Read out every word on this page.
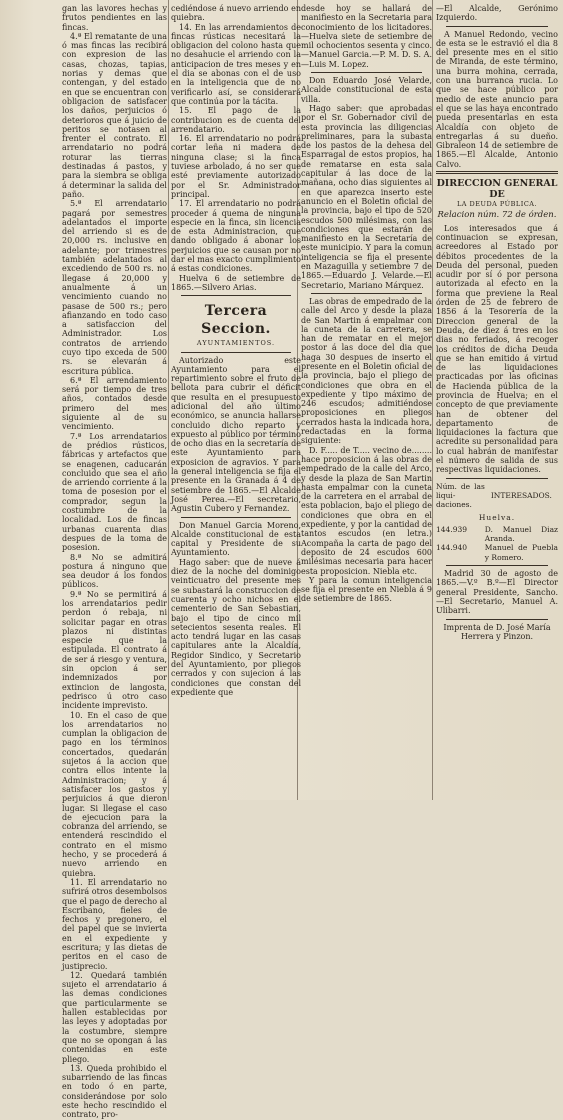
gan las lavores hechas y frutos pendientes en las fincas.

4.ª El rematante de una ó mas fincas las recibirá con expresion de las casas, chozas, tapias, norias y demas que contengan, y del estado en que se encuentran con obligacion de satisfacer los daños, perjuicios ó deterioros que á juicio de peritos se notasen al frenter el contrato. El arrendatario no podrá roturar las tierras destinadas á pastos, y para la siembra se obliga á determinar la salida del paño.

5.ª El arrendatario pagará por semestres adelantados el importe del arriendo si es de 20,000 rs. inclusive en adelante; por trimestres también adelantados al excediendo de 500 rs. no llegase á 20,000 y anualmente á un vencimiento cuando no pasase de 500 rs.; pero afianzando en todo caso a satisfaccion del Administrador. Los contratos de arriendo cuyo tipo exceda de 500 rs. se elevarán á escritura pública.

6.ª El arrendamiento será por tiempo de tres años, contados desde primero del mes siguiente al de su vencimiento.

7.ª Los arrendatarios de prédios rústicos, fábricas y artefactos que se enagenen, caducarán concluido que sea el año de arriendo corriente á la toma de posesion por el comprador, segun la costumbre de la localidad. Los de fincas urbanas cuarenta dias despues de la toma de posesion.

8.ª No se admitirá postura á ninguno que sea deudor á los fondos públicos.

9.ª No se permitirá á los arrendatarios pedir perdon ó rebaja, ni solicitar pagar en otras plazos ni distintas especie que la estipulada. El contrato á de ser á riesgo y ventura, sin opcion á ser indemnizados por extincion de langosta, pedrisco ú otro caso incidente imprevisto.

10. En el caso de que los arrendatarios no cumplan la obligacion de pago en los términos concertados, quedarán sujetos á la accion que contra ellos intente la Administracion; y á satisfacer los gastos y perjuicios á que dieron lugar. Si llegase el caso de ejecucion para la cobranza del arriendo, se entenderá rescindido el contrato en el mismo hecho, y se procederá á nuevo arriendo en quiebra.

11. El arrendatario no sufrirá otros desembolsos que el pago de derecho al Escribano, fieles de fechos y pregonero, el del papel que se invierta en el expediente y escritura; y las dietas de peritos en el caso de justiprecio.

12. Quedará también sujeto el arrendatario á las demas condiciones que particularmente se hallen establecidas por las leyes y adoptadas por la costumbre, siempre que no se opongan á las contenidas en este pliego.

13. Queda prohibido el subarriendo de las fincas en todo ó en parte, considerándose por solo este hecho rescindido el contrato, pro-

cediéndose á nuevo arriendo en quiebra.

14. En las arrendamientos de fincas rústicas necesitará la obligacion del colono hasta que no desahucie el arriendo con la anticipacion de tres meses y en el dia se abonas con el de uso en la inteligencia que de no verificarlo así, se considerará que continúa por la tácita.

15. El pago de la contribucion es de cuenta del arrendatario.

16. El arrendatario no podrá cortar leña ni madera de ninguna clase; si la finca tuviese arbolado, á no ser que esté previamente autorizado por el Sr. Administrador principal.

17. El arrendatario no podrá proceder á quema de ninguna especie en la finca, sin licencia de esta Administracion, que dando obligado á abonar los perjuicios que se causan por no dar el mas exacto cumplimiento á estas condiciones.

Huelva 6 de setiembre de 1865.—Silvero Arias.

Tercera Seccion.
AYUNTAMIENTOS.

Autorizado este Ayuntamiento para el repartimiento sobre el fruto de bellota para cubrir el déficit que resulta en el presupuesto adicional del año último económico, se anuncia hallarse concluido dicho reparto y expuesto al público por término de ocho dias en la secretaría de este Ayuntamiento para exposicion de agravios. Y para la general inteligencia se fija el presente en la Granada á 4 de setiembre de 1865.—El Alcalde José Perea.—El secretario, Agustin Cubero y Fernandez.

Don Manuel Garcia Moreno, Alcalde constitucional de esta capital y Presidente de su Ayuntamiento.

Hago saber: que de nueve á diez de la noche del dominigo veinticuatro del presente mes se subastará la construccion de cuarenta y ocho nichos en el cementerio de San Sebastian, bajo el tipo de cinco mil setecientos sesenta reales. El acto tendrá lugar en las casas capitulares ante la Alcaldía, Regidor Sindico, y Secretario del Ayuntamiento, por pliegos cerrados y con sujecion á las condiciones que constan del expediente que

desde hoy se hallará de manifiesto en la Secretaria para conocimiento de los licitadores.—Huelva siete de setiembre de mil ochocientos sesenta y cinco.—Manuel Garcia.—P. M. D. S. A.—Luis M. Lopez.

Don Eduardo José Velarde, Alcalde constitucional de esta villa.

Hago saber: que aprobadas por el Sr. Gobernador civil de esta provincia las diligencias preliminares, para la subasta de los pastos de la dehesa del Esparragal de estos propios, ha de rematarse en esta sala capitular á las doce de la mañana, ocho dias siguientes al en que aparezca inserto este anuncio en el Boletin oficial de la provincia, bajo el tipo de 520 escudos 500 milésimas, con las condiciones que estarán de manifiesto en la Secretaría de este municipio. Y para la comun inteligencia se fija el presente en Mazaguilla y setiembre 7 de 1865.—Eduardo J. Velarde.—El Secretario, Mariano Márquez.

Las obras de empedrado de la calle del Arco y desde la plaza de San Martin á empalmar con la cuneta de la carretera, se han de rematar en el mejor postor á las doce del dia que haga 30 despues de inserto el presente en el Boletin oficial de la provincia, bajo el pliego de condiciones que obra en el expediente y tipo máximo de 246 escudos; admitiéndose proposiciones en pliegos cerrados hasta la indicada hora, redactadas en la forma siguiente:

D. F..... de T..... vecino de........ hace proposicion á las obras de empedrado de la calle del Arco, y desde la plaza de San Martin hasta empalmar con la cuneta de la carretera en el arrabal de esta poblacion, bajo el pliego de condiciones que obra en el expediente, y por la cantidad de tantos escudos (en letra.) Acompaña la carta de pago del deposito de 24 escudos 600 milésimas necesaria para hacer esta proposicion. Niebla etc.

Y para la comun inteligencia se fija el presente en Niebla á 9 de setiembre de 1865.

—El Alcalde, Gerónimo Izquierdo.

A Manuel Redondo, vecino de esta se le estravió el dia 8 del presente mes en el sitio de Miranda, de este término, una burra mohina, cerrada, con una burranca rucia. Lo que se hace público por medio de este anuncio para el que se las haya encontrado pueda presentarlas en esta Alcaldía con objeto de entregarlas á su dueño. Gibraleon 14 de setiembre de 1865.—El Alcalde, Antonio Calvo.

DIRECCION GENERAL DE
LA DEUDA PÚBLICA.
Relacion núm. 72 de órden.

Los interesados que á continuacion se expresan, acreedores al Estado por débitos procedentes de la Deuda del personal, pueden acudir por sí ó por persona autorizada al efecto en la forma que previene la Real órden de 25 de febrero de 1856 á la Tesorería de la Direccion general de la Deuda, de diez á tres en los dias no feriados, á recoger los créditos de dicha Deuda que se han emitido á virtud de las liquidaciones practicadas por las oficinas de Hacienda pública de la provincia de Huelva; en el concepto de que previamente han de obtener del departamento de liquidaciones la factura que acredite su personalidad para lo cual habrán de manifestar el número de salida de sus respectivas liquidaciones.

Núm. de las liqui-daciones.	INTERESADOS.
Huelva.	
144.939	D. Manuel Diaz Aranda.
144.940	Manuel de Puebla y Romero.

Madrid 30 de agosto de 1865.—V.º B.º—El Director general Presidente, Sancho.—El Secretario, Manuel A. Ulibarri.

Imprenta de D. José María Herrera y Pinzon.
